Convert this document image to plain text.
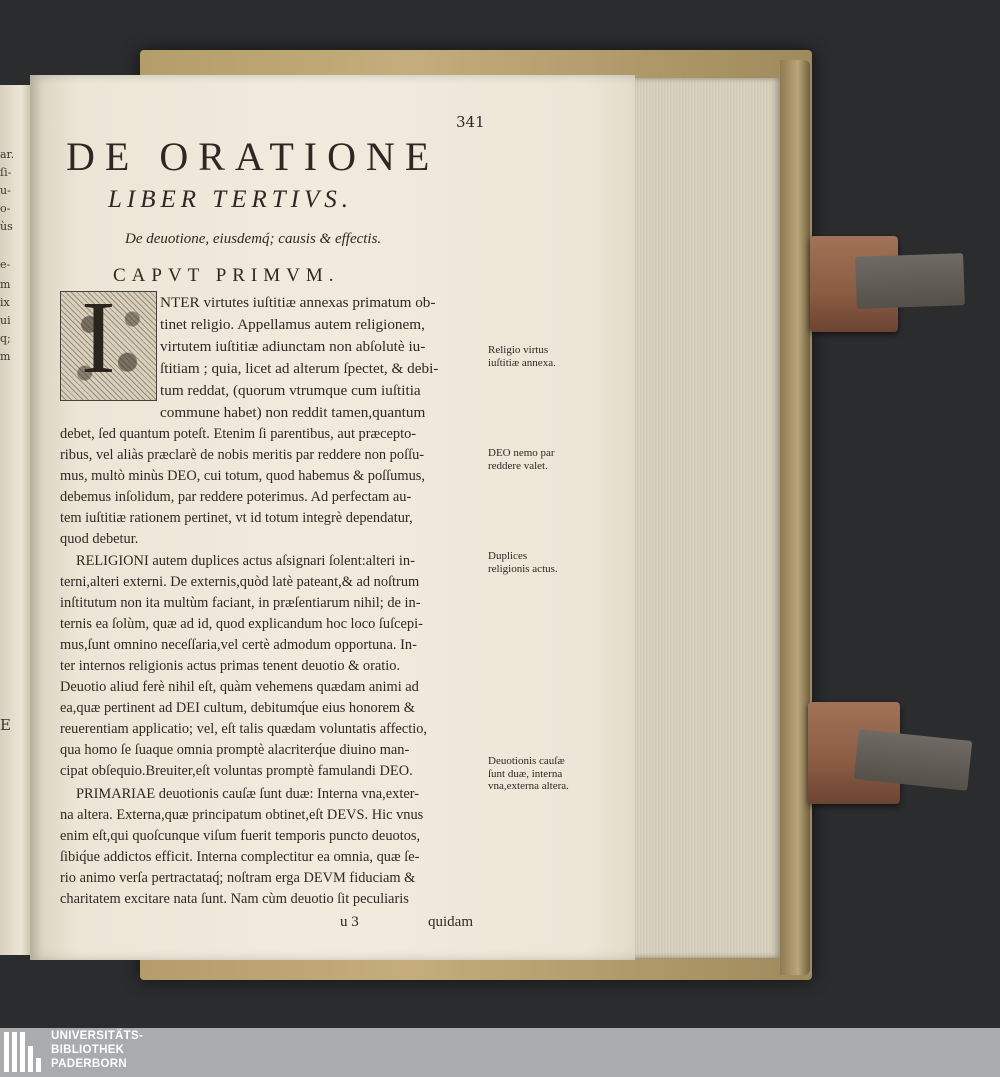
ar.
ſi-
u-
o-
ùs
e-
m
ix
ui
q;
m
E
341
DE ORATIONE
LIBER TERTIVS.
De deuotione, eiusdemq́; causis & effectis.
CAPVT PRIMVM.
I	NTER virtutes iuſtitiæ annexas primatum ob-
tinet religio. Appellamus autem religionem,
virtutem iuſtitiæ adiunctam non abſolutè iu-
ſtitiam ; quia, licet ad alterum ſpectet, & debi-
tum reddat, (quorum vtrumque cum iuſtitia
commune habet) non reddit tamen,quantum
debet, ſed quantum poteſt. Etenim ſi parentibus, aut præcepto-
ribus, vel aliàs præclarè de nobis meritis par reddere non poſſu-
mus, multò minùs DEO, cui totum, quod habemus & poſſumus,
debemus inſolidum, par reddere poterimus. Ad perfectam au-
tem iuſtitiæ rationem pertinet, vt id totum integrè dependatur,
quod debetur.
RELIGIONI autem duplices actus aſsignari ſolent:alteri in-
terni,alteri externi. De externis,quòd latè pateant,& ad noſtrum
inſtitutum non ita multùm faciant, in præſentiarum nihil; de in-
ternis ea ſolùm, quæ ad id, quod explicandum hoc loco ſuſcepi-
mus,ſunt omnino neceſſaria,vel certè admodum opportuna. In-
ter internos religionis actus primas tenent deuotio & oratio.
Deuotio aliud ferè nihil eſt, quàm vehemens quædam animi ad
ea,quæ pertinent ad DEI cultum, debitumq́ue eius honorem &
reuerentiam applicatio; vel, eſt talis quædam voluntatis affectio,
qua homo ſe ſuaque omnia promptè alacriterq́ue diuino man-
cipat obſequio.Breuiter,eſt voluntas promptè famulandi DEO.
PRIMARIAE deuotionis cauſæ ſunt duæ: Interna vna,exter-
na altera. Externa,quæ principatum obtinet,eſt DEVS. Hic vnus
enim eſt,qui quoſcunque viſum fuerit temporis puncto deuotos,
ſibiq́ue addictos efficit. Interna complectitur ea omnia, quæ ſe-
rio animo verſa pertractataq́; noſtram erga DEVM fiduciam &
charitatem excitare nata ſunt. Nam cùm deuotio ſit peculiaris
u 3	quidam
Religio virtus iuſtitiæ annexa.
DEO nemo par reddere valet.
Duplices religionis actus.
Deuotionis cauſæ ſunt duæ, interna vna,externa altera.
UNIVERSITÄTS-
BIBLIOTHEK
PADERBORN
